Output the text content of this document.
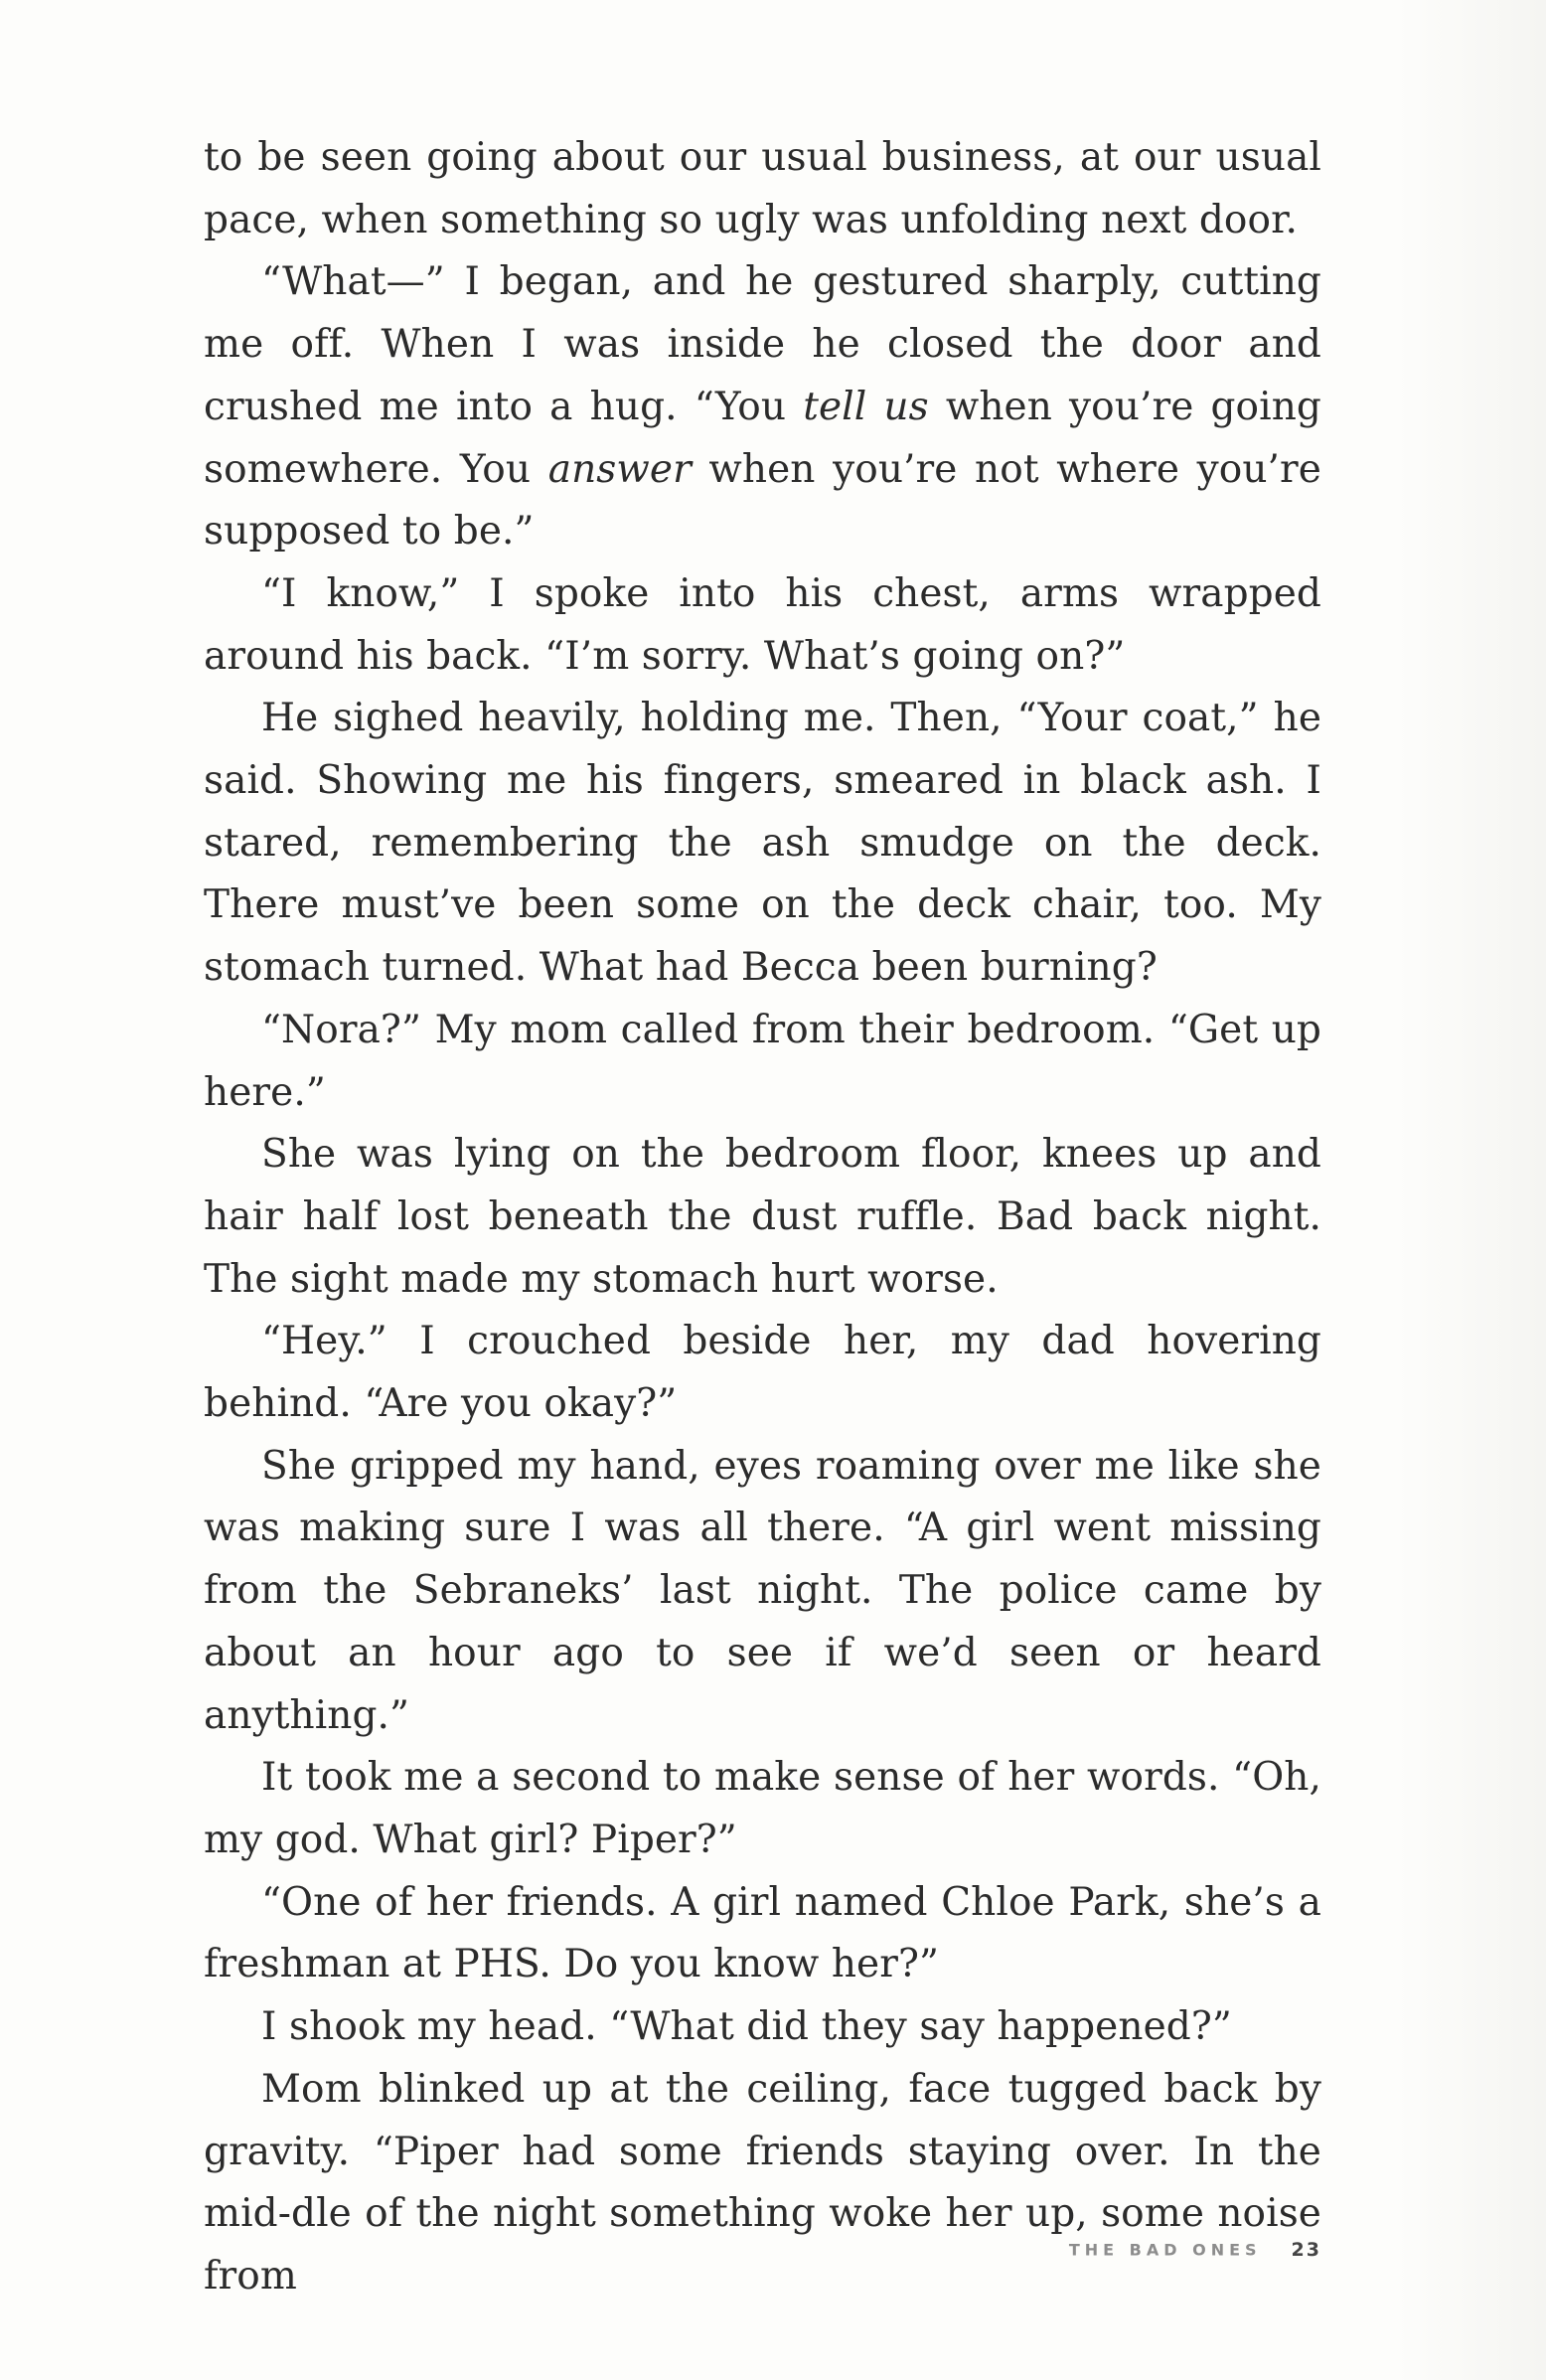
to be seen going about our usual business, at our usual pace, when something so ugly was unfolding next door.

“What—” I began, and he gestured sharply, cutting me off. When I was inside he closed the door and crushed me into a hug. “You tell us when you’re going somewhere. You answer when you’re not where you’re supposed to be.”

“I know,” I spoke into his chest, arms wrapped around his back. “I’m sorry. What’s going on?”

He sighed heavily, holding me. Then, “Your coat,” he said. Showing me his fingers, smeared in black ash. I stared, remembering the ash smudge on the deck. There must’ve been some on the deck chair, too. My stomach turned. What had Becca been burning?

“Nora?” My mom called from their bedroom. “Get up here.”

She was lying on the bedroom floor, knees up and hair half lost beneath the dust ruffle. Bad back night. The sight made my stomach hurt worse.

“Hey.” I crouched beside her, my dad hovering behind. “Are you okay?”

She gripped my hand, eyes roaming over me like she was making sure I was all there. “A girl went missing from the Sebraneks’ last night. The police came by about an hour ago to see if we’d seen or heard anything.”

It took me a second to make sense of her words. “Oh, my god. What girl? Piper?”

“One of her friends. A girl named Chloe Park, she’s a freshman at PHS. Do you know her?”

I shook my head. “What did they say happened?”

Mom blinked up at the ceiling, face tugged back by gravity. “Piper had some friends staying over. In the mid-dle of the night something woke her up, some noise from

THE BAD ONES 23
